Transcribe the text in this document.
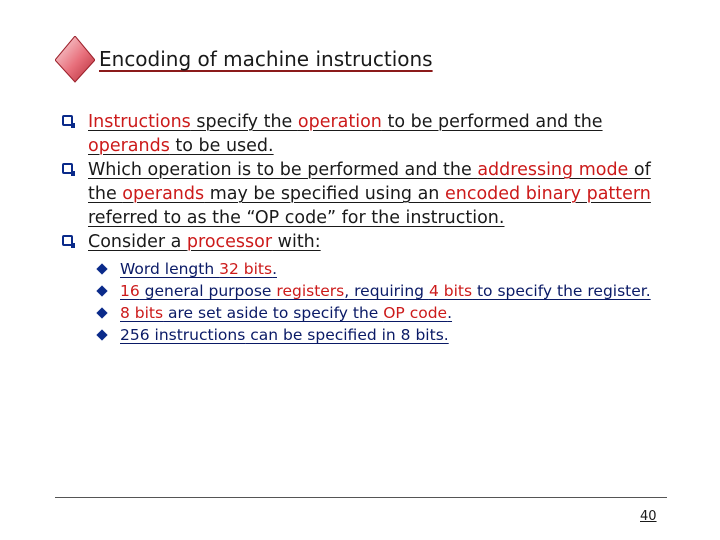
Encoding of machine instructions
Instructions specify the operation to be performed and the operands to be used.
Which operation is to be performed and the addressing mode of the operands may be specified using an encoded binary pattern referred to as the “OP code” for the instruction.
Consider a processor with:
Word length 32 bits.
16 general purpose registers, requiring 4 bits to specify the register.
8 bits are set aside to specify the OP code.
256 instructions can be specified in 8 bits.
40
